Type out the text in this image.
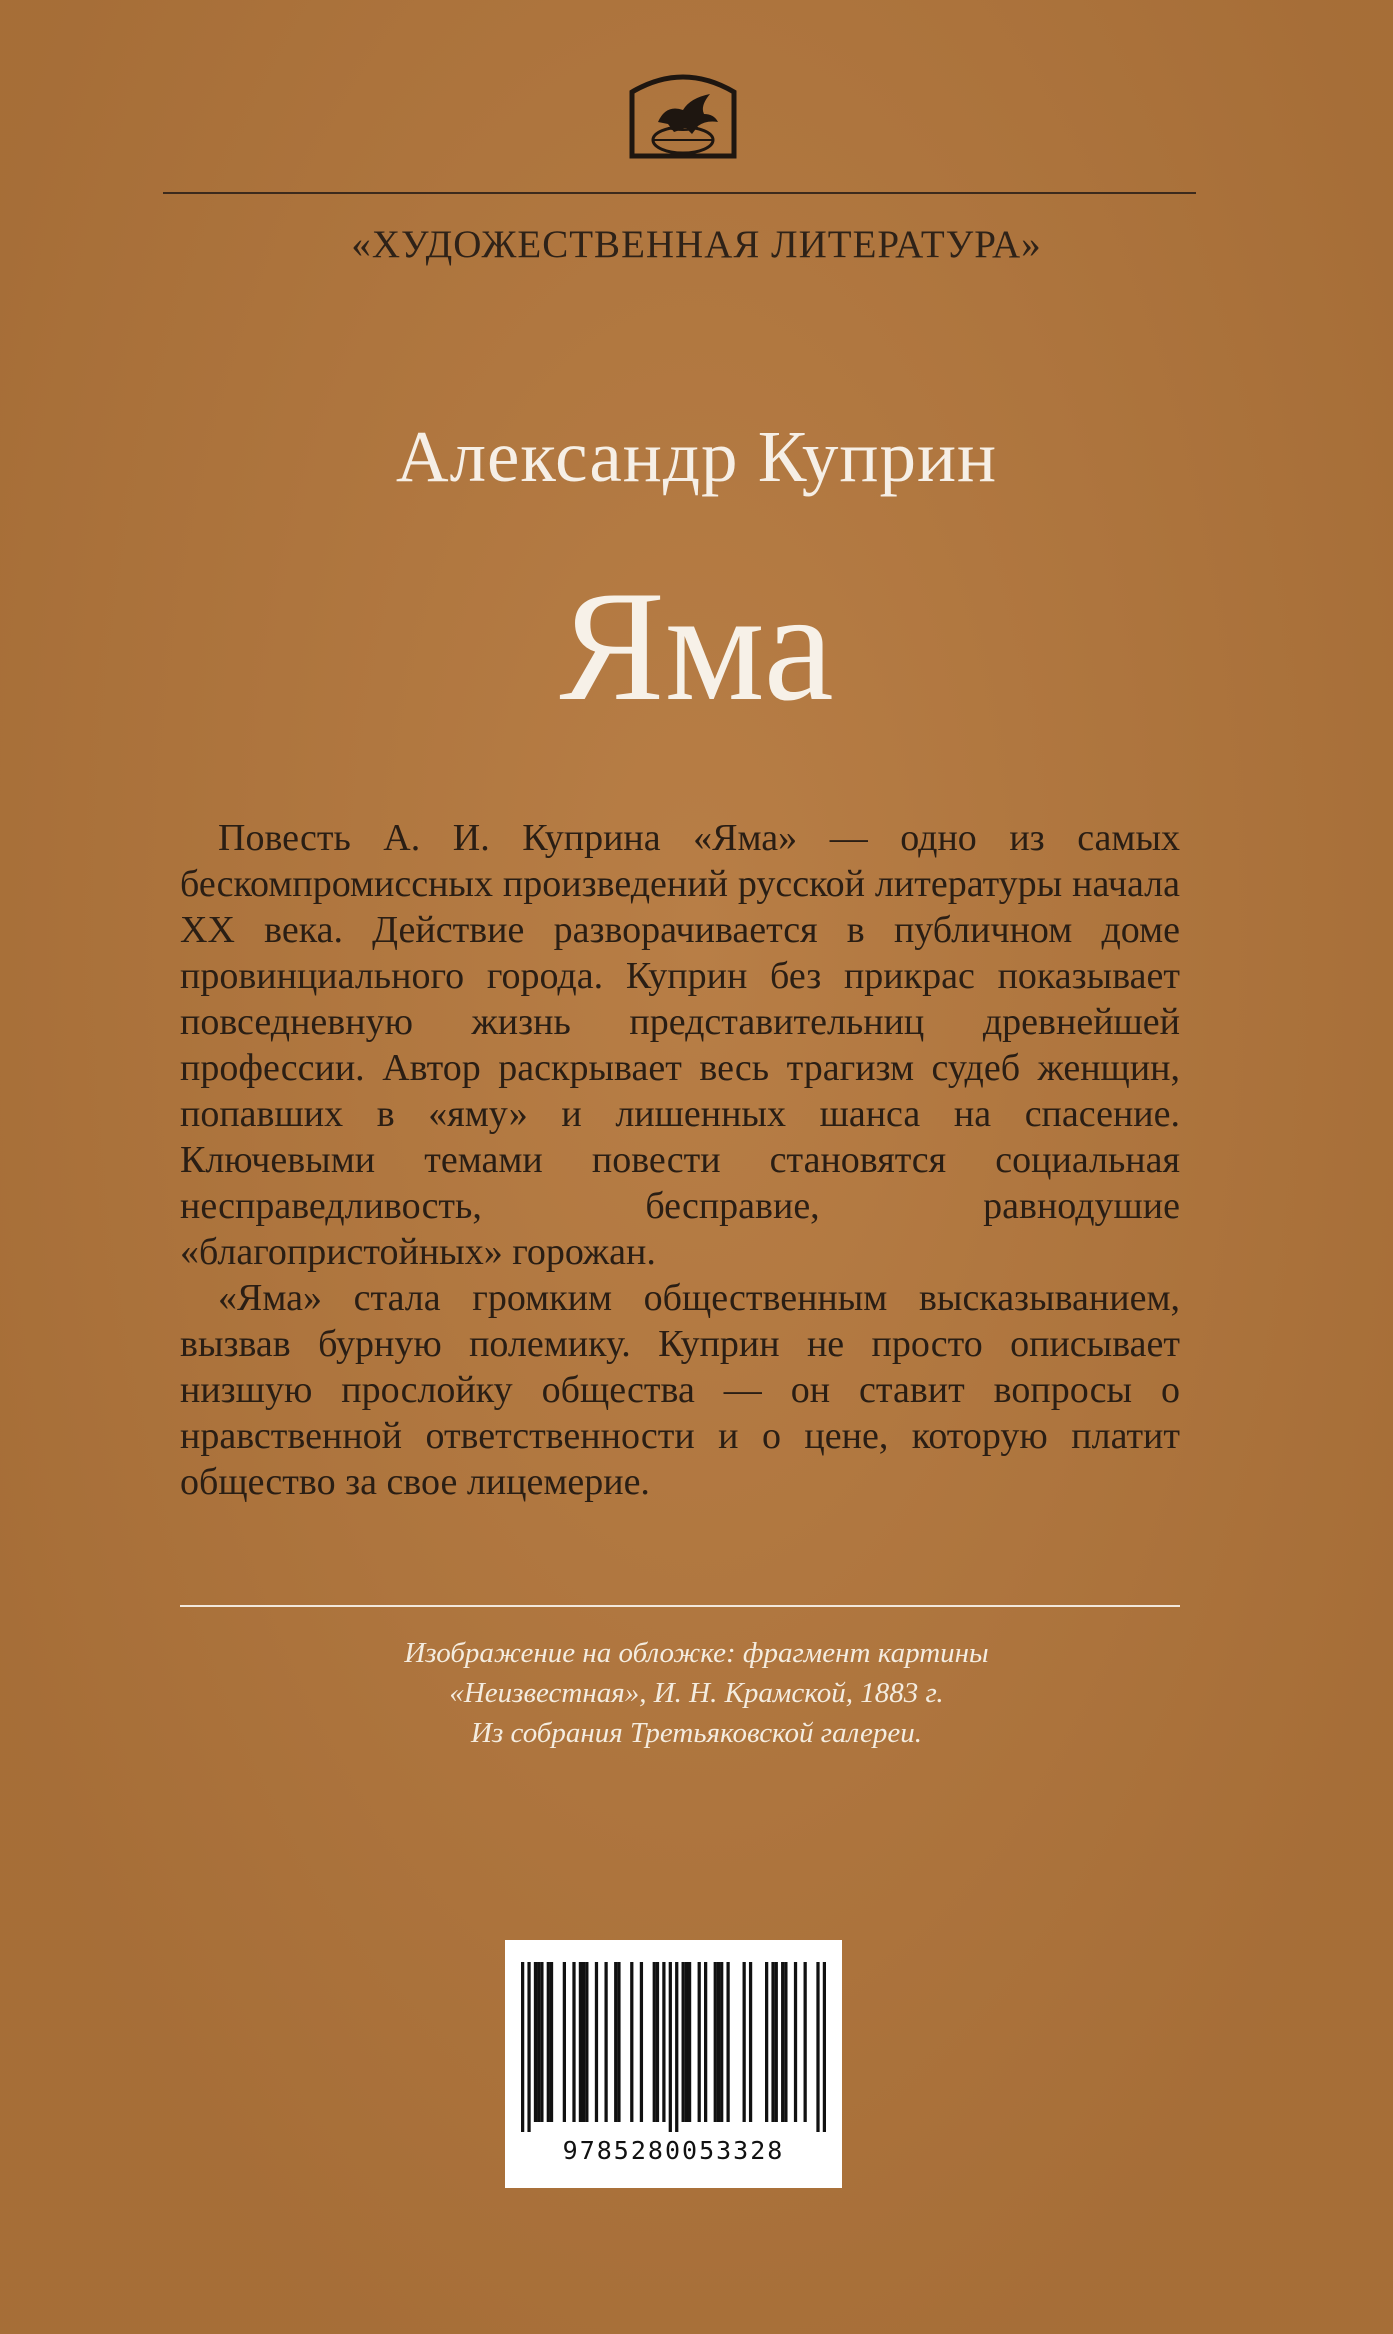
«ХУДОЖЕСТВЕННАЯ ЛИТЕРАТУРА»
Александр Куприн
Яма

Повесть А. И. Куприна «Яма» — одно из самых бескомпромиссных произведений русской литературы начала XX века. Действие разворачивается в публичном доме провинциального города. Куприн без прикрас показывает повседневную жизнь представительниц древнейшей профессии. Автор раскрывает весь трагизм судеб женщин, попавших в «яму» и лишенных шанса на спасение. Ключевыми темами повести становятся социальная несправедливость, бесправие, равнодушие «благопристойных» горожан.

«Яма» стала громким общественным высказыванием, вызвав бурную полемику. Куприн не просто описывает низшую прослойку общества — он ставит вопросы о нравственной ответственности и о цене, которую платит общество за свое лицемерие.

Изображение на обложке: фрагмент картины
«Неизвестная», И. Н. Крамской, 1883 г.
Из собрания Третьяковской галереи.
9785280053328
